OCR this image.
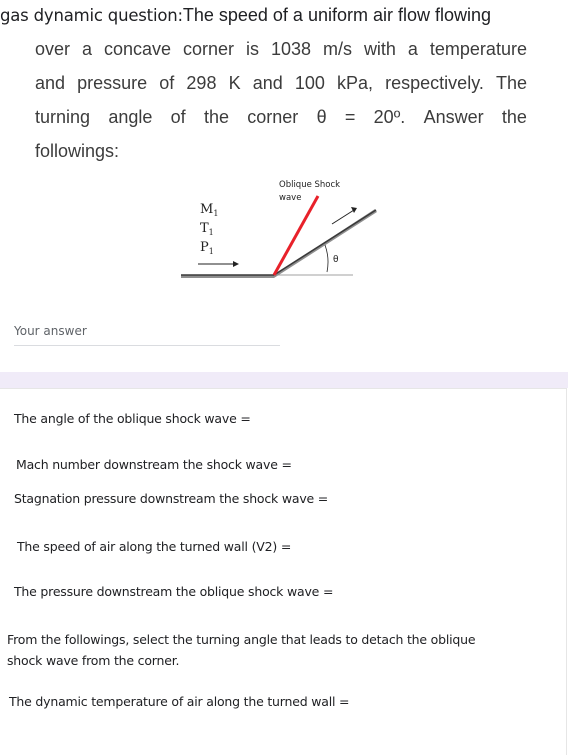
gas dynamic question:The speed of a uniform air flow flowing
over a concave corner is 1038 m/s with a temperature
and pressure of 298 K and 100 kPa, respectively. The
turning angle of the corner θ = 20º. Answer the
followings:
Oblique Shock
wave
$M_1$
$T_1$
$P_1$
θ
Your answer
The angle of the oblique shock wave =
Mach number downstream the shock wave =
Stagnation pressure downstream the shock wave =
The speed of air along the turned wall (V2) =
The pressure downstream the oblique shock wave =
From the followings, select the turning angle that leads to detach the oblique shock wave from the corner.
The dynamic temperature of air along the turned wall =
